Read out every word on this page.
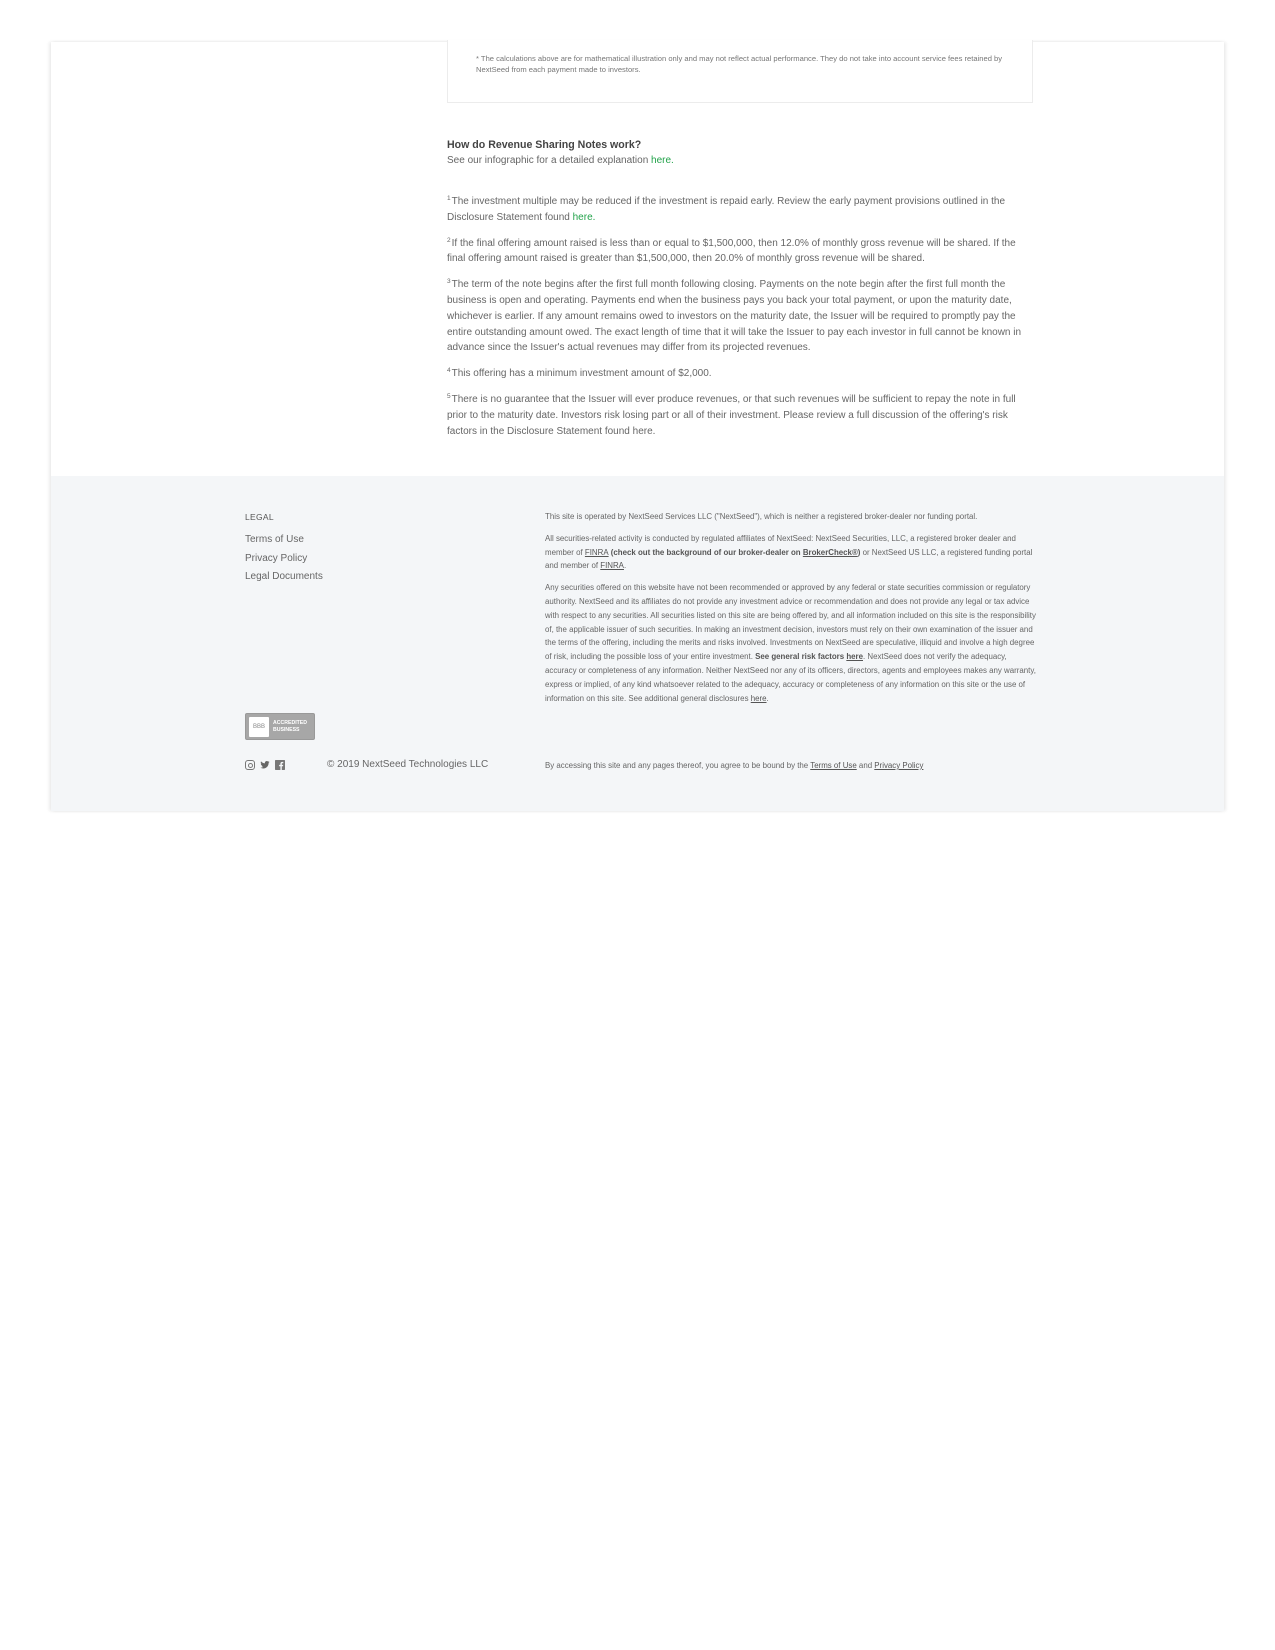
* The calculations above are for mathematical illustration only and may not reflect actual performance. They do not take into account service fees retained by NextSeed from each payment made to investors.
How do Revenue Sharing Notes work?
See our infographic for a detailed explanation here.

$^1$The investment multiple may be reduced if the investment is repaid early. Review the early payment provisions outlined in the Disclosure Statement found here.

$^2$If the final offering amount raised is less than or equal to $1,500,000, then 12.0% of monthly gross revenue will be shared. If the final offering amount raised is greater than $1,500,000, then 20.0% of monthly gross revenue will be shared.

$^3$The term of the note begins after the first full month following closing. Payments on the note begin after the first full month the business is open and operating. Payments end when the business pays you back your total payment, or upon the maturity date, whichever is earlier. If any amount remains owed to investors on the maturity date, the Issuer will be required to promptly pay the entire outstanding amount owed. The exact length of time that it will take the Issuer to pay each investor in full cannot be known in advance since the Issuer's actual revenues may differ from its projected revenues.

$^4$This offering has a minimum investment amount of $2,000.

$^5$There is no guarantee that the Issuer will ever produce revenues, or that such revenues will be sufficient to repay the note in full prior to the maturity date. Investors risk losing part or all of their investment. Please review a full discussion of the offering's risk factors in the Disclosure Statement found here.

LEGAL
Terms of Use
Privacy Policy
Legal Documents
BBB
ACCREDITED BUSINESS
© 2019 NextSeed Technologies LLC

This site is operated by NextSeed Services LLC ("NextSeed"), which is neither a registered broker-dealer nor funding portal.

All securities-related activity is conducted by regulated affiliates of NextSeed: NextSeed Securities, LLC, a registered broker dealer and member of FINRA (check out the background of our broker-dealer on BrokerCheck®) or NextSeed US LLC, a registered funding portal and member of FINRA.

Any securities offered on this website have not been recommended or approved by any federal or state securities commission or regulatory authority. NextSeed and its affiliates do not provide any investment advice or recommendation and does not provide any legal or tax advice with respect to any securities. All securities listed on this site are being offered by, and all information included on this site is the responsibility of, the applicable issuer of such securities. In making an investment decision, investors must rely on their own examination of the issuer and the terms of the offering, including the merits and risks involved. Investments on NextSeed are speculative, illiquid and involve a high degree of risk, including the possible loss of your entire investment. See general risk factors here. NextSeed does not verify the adequacy, accuracy or completeness of any information. Neither NextSeed nor any of its officers, directors, agents and employees makes any warranty, express or implied, of any kind whatsoever related to the adequacy, accuracy or completeness of any information on this site or the use of information on this site. See additional general disclosures here.

By accessing this site and any pages thereof, you agree to be bound by the Terms of Use and Privacy Policy
